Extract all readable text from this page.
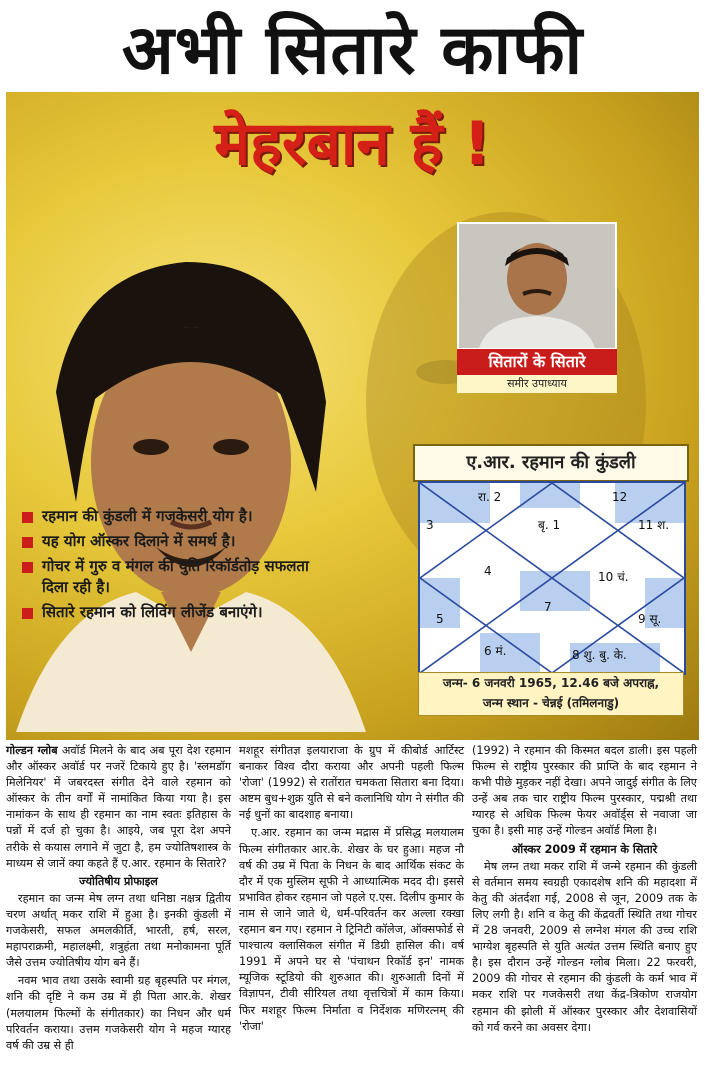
अभी सितारे काफी
मेहरबान हैं !
रहमान की कुंडली में गजकेसरी योग है।
यह योग ऑस्कर दिलाने में समर्थ है।
गोचर में गुरु व मंगल की युति रिकॉर्डतोड़ सफलता दिला रही है।
सितारे रहमान को लिविंग लीजेंड बनाएंगे।
सितारों के सितारे
समीर उपाध्याय
ए.आर. रहमान की कुंडली
रा. 2	12
3	बृ. 1	11 श.
4	10 चं.
5
7
9 सू.
6 मं.	8 शु. बु. के.
जन्म- 6 जनवरी 1965, 12.46 बजे अपराह्न,
जन्म स्थान - चेन्नई (तमिलनाडु)

गोल्डन ग्लोब अवॉर्ड मिलने के बाद अब पूरा देश रहमान और ऑस्कर अवॉर्ड पर नजरें टिकाये हुए है। 'स्लमडॉग मिलेनियर' में जबरदस्त संगीत देने वाले रहमान को ऑस्कर के तीन वर्गों में नामांकित किया गया है। इस नामांकन के साथ ही रहमान का नाम स्वतः इतिहास के पन्नों में दर्ज हो चुका है। आइये, जब पूरा देश अपने तरीके से कयास लगाने में जुटा है, हम ज्योतिषशास्त्र के माध्यम से जानें क्या कहते हैं ए.आर. रहमान के सितारे?

ज्योतिषीय प्रोफाइल

रहमान का जन्म मेष लग्न तथा धनिष्ठा नक्षत्र द्वितीय चरण अर्थात् मकर राशि में हुआ है। इनकी कुंडली में गजकेसरी, सफल अमलकीर्ति, भारती, हर्ष, सरल, महापराक्रमी, महालक्ष्मी, शत्रुहंता तथा मनोकामना पूर्ति जैसे उत्तम ज्योतिषीय योग बने हैं।

नवम भाव तथा उसके स्वामी ग्रह बृहस्पति पर मंगल, शनि की दृष्टि ने कम उम्र में ही पिता आर.के. शेखर (मलयालम फिल्मों के संगीतकार) का निधन और धर्म परिवर्तन कराया। उत्तम गजकेसरी योग ने महज ग्यारह वर्ष की उम्र से ही

मशहूर संगीतज्ञ इलयाराजा के ग्रुप में कीबोर्ड आर्टिस्ट बनाकर विश्व दौरा कराया और अपनी पहली फिल्म 'रोजा' (1992) से रातोंरात चमकता सितारा बना दिया। अष्टम बुध+शुक्र युति से बने कलानिधि योग ने संगीत की नई धुनों का बादशाह बनाया।

ए.आर. रहमान का जन्म मद्रास में प्रसिद्ध मलयालम फिल्म संगीतकार आर.के. शेखर के घर हुआ। महज नौ वर्ष की उम्र में पिता के निधन के बाद आर्थिक संकट के दौर में एक मुस्लिम सूफी ने आध्यात्मिक मदद दी। इससे प्रभावित होकर रहमान जो पहले ए.एस. दिलीप कुमार के नाम से जाने जाते थे, धर्म-परिवर्तन कर अल्ला रक्खा रहमान बन गए। रहमान ने ट्रिनिटी कॉलेज, ऑक्सफोर्ड से पाश्चात्य क्लासिकल संगीत में डिग्री हासिल की। वर्ष 1991 में अपने घर से 'पंचाथन रिकॉर्ड इन' नामक म्यूजिक स्टूडियो की शुरुआत की। शुरुआती दिनों में विज्ञापन, टीवी सीरियल तथा वृत्तचित्रों में काम किया। फिर मशहूर फिल्म निर्माता व निर्देशक मणिरत्नम् की 'रोजा'

(1992) ने रहमान की किस्मत बदल डाली। इस पहली फिल्म से राष्ट्रीय पुरस्कार की प्राप्ति के बाद रहमान ने कभी पीछे मुड़कर नहीं देखा। अपने जादुई संगीत के लिए उन्हें अब तक चार राष्ट्रीय फिल्म पुरस्कार, पद्मश्री तथा ग्यारह से अधिक फिल्म फेयर अवॉर्ड्स से नवाजा जा चुका है। इसी माह उन्हें गोल्डन अवॉर्ड मिला है।

ऑस्कर 2009 में रहमान के सितारे

मेष लग्न तथा मकर राशि में जन्मे रहमान की कुंडली से वर्तमान समय स्वग्रही एकादशेष शनि की महादशा में केतु की अंतर्दशा गई, 2008 से जून, 2009 तक के लिए लगी है। शनि व केतु की केंद्रवर्ती स्थिति तथा गोचर में 28 जनवरी, 2009 से लग्नेश मंगल की उच्च राशि भाग्येश बृहस्पति से युति अत्यंत उत्तम स्थिति बनाए हुए है। इस दौरान उन्हें गोल्डन ग्लोब मिला। 22 फरवरी, 2009 की गोचर से रहमान की कुंडली के कर्म भाव में मकर राशि पर गजकेसरी तथा केंद्र-त्रिकोण राजयोग रहमान की झोली में ऑस्कर पुरस्कार और देशवासियों को गर्व करने का अवसर देगा।
